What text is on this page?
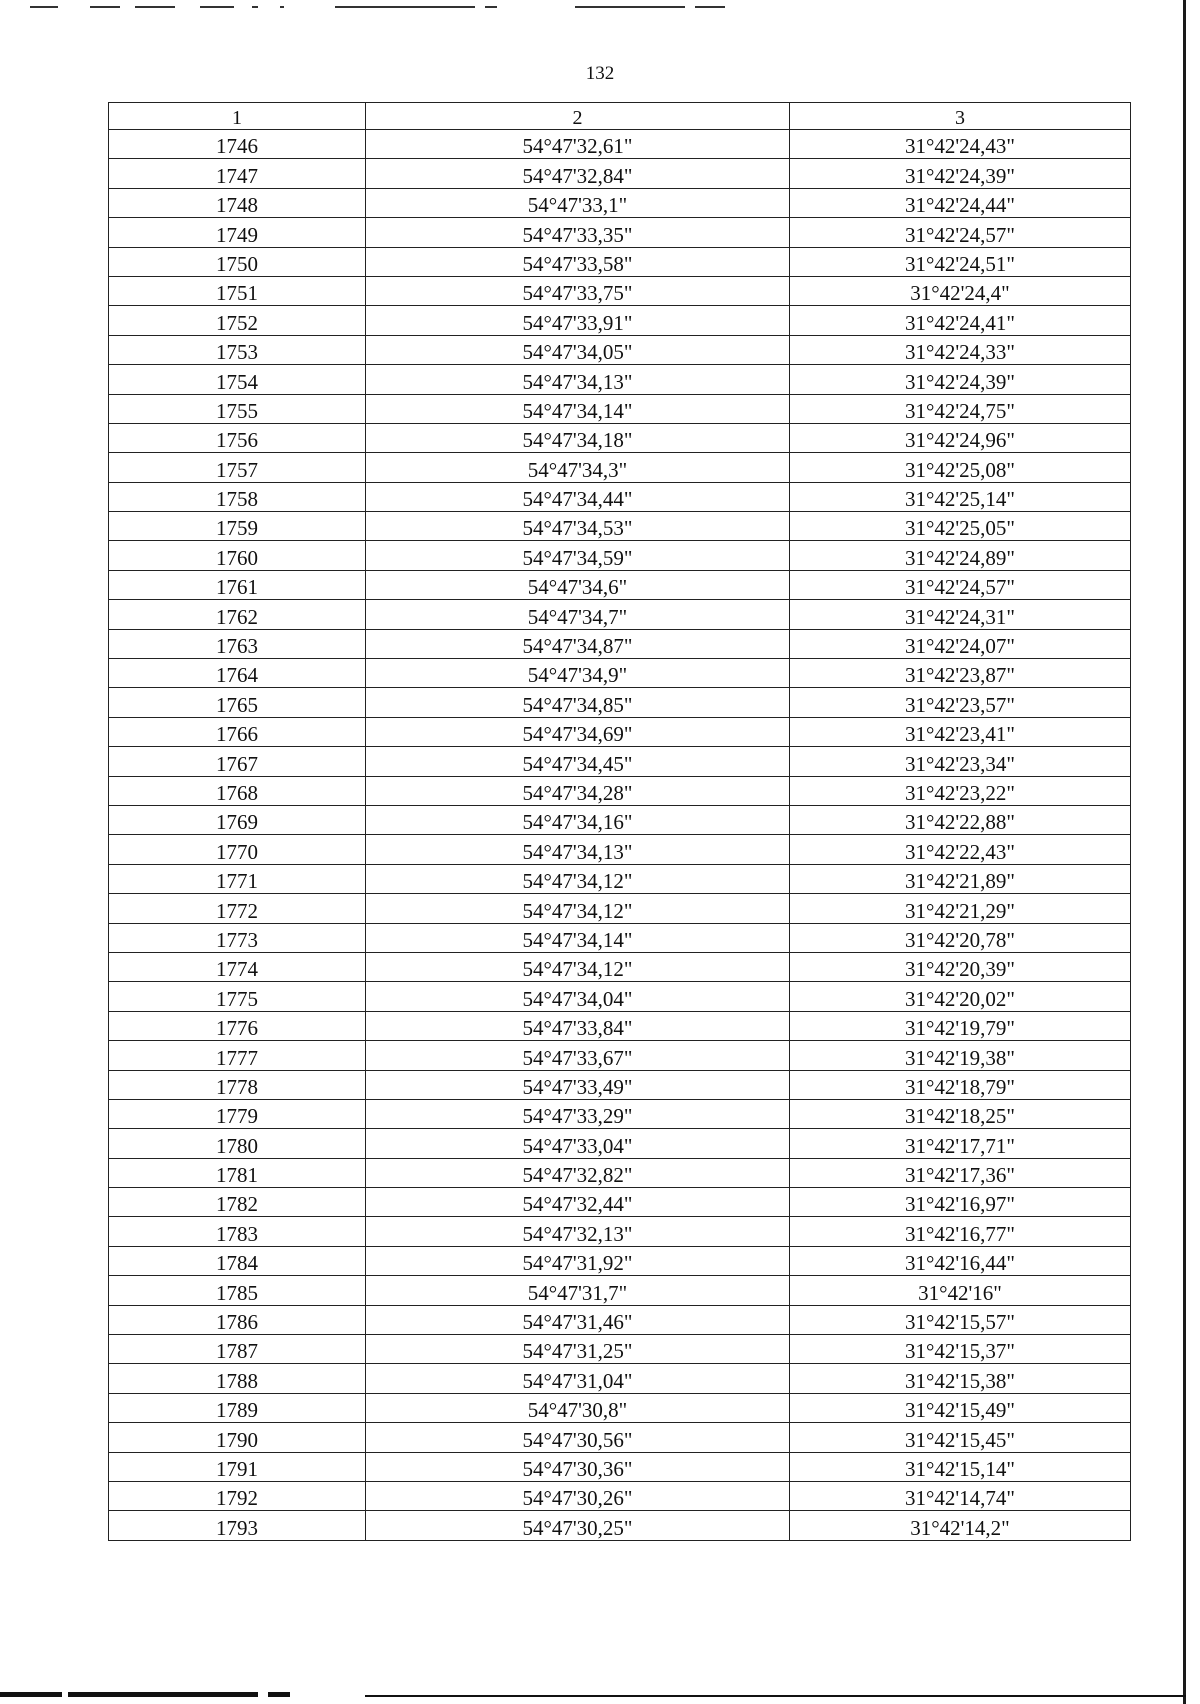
132
1	2	3
1746	54°47'32,61"	31°42'24,43"
1747	54°47'32,84"	31°42'24,39"
1748	54°47'33,1"	31°42'24,44"
1749	54°47'33,35"	31°42'24,57"
1750	54°47'33,58"	31°42'24,51"
1751	54°47'33,75"	31°42'24,4"
1752	54°47'33,91"	31°42'24,41"
1753	54°47'34,05"	31°42'24,33"
1754	54°47'34,13"	31°42'24,39"
1755	54°47'34,14"	31°42'24,75"
1756	54°47'34,18"	31°42'24,96"
1757	54°47'34,3"	31°42'25,08"
1758	54°47'34,44"	31°42'25,14"
1759	54°47'34,53"	31°42'25,05"
1760	54°47'34,59"	31°42'24,89"
1761	54°47'34,6"	31°42'24,57"
1762	54°47'34,7"	31°42'24,31"
1763	54°47'34,87"	31°42'24,07"
1764	54°47'34,9"	31°42'23,87"
1765	54°47'34,85"	31°42'23,57"
1766	54°47'34,69"	31°42'23,41"
1767	54°47'34,45"	31°42'23,34"
1768	54°47'34,28"	31°42'23,22"
1769	54°47'34,16"	31°42'22,88"
1770	54°47'34,13"	31°42'22,43"
1771	54°47'34,12"	31°42'21,89"
1772	54°47'34,12"	31°42'21,29"
1773	54°47'34,14"	31°42'20,78"
1774	54°47'34,12"	31°42'20,39"
1775	54°47'34,04"	31°42'20,02"
1776	54°47'33,84"	31°42'19,79"
1777	54°47'33,67"	31°42'19,38"
1778	54°47'33,49"	31°42'18,79"
1779	54°47'33,29"	31°42'18,25"
1780	54°47'33,04"	31°42'17,71"
1781	54°47'32,82"	31°42'17,36"
1782	54°47'32,44"	31°42'16,97"
1783	54°47'32,13"	31°42'16,77"
1784	54°47'31,92"	31°42'16,44"
1785	54°47'31,7"	31°42'16"
1786	54°47'31,46"	31°42'15,57"
1787	54°47'31,25"	31°42'15,37"
1788	54°47'31,04"	31°42'15,38"
1789	54°47'30,8"	31°42'15,49"
1790	54°47'30,56"	31°42'15,45"
1791	54°47'30,36"	31°42'15,14"
1792	54°47'30,26"	31°42'14,74"
1793	54°47'30,25"	31°42'14,2"
